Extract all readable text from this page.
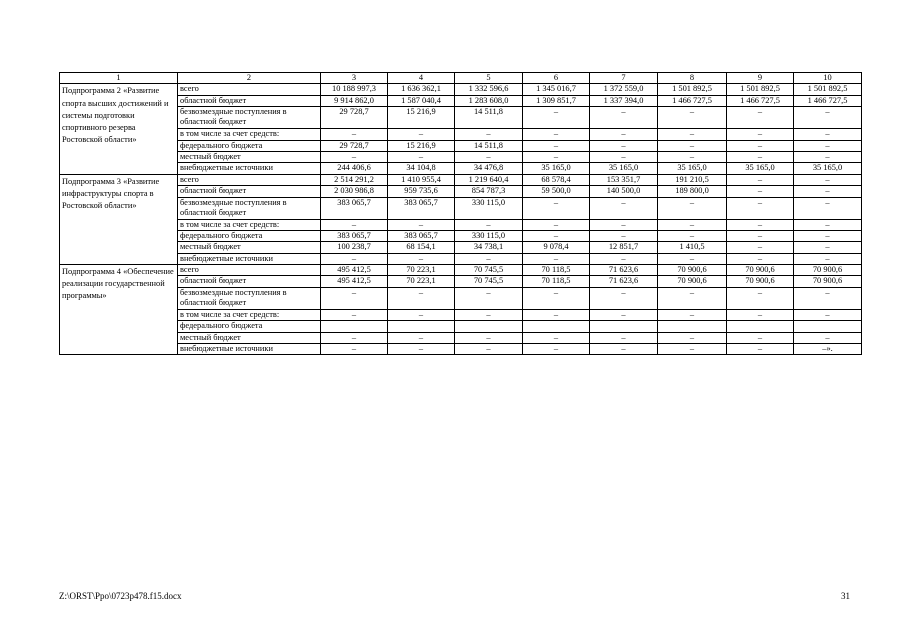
1	2	3	4	5	6	7	8	9	10
Подпрограмма 2 «Развитие спорта высших достижений и системы подготовки спортивного резерва Ростовской области»	всего	10 188 997,3	1 636 362,1	1 332 596,6	1 345 016,7	1 372 559,0	1 501 892,5	1 501 892,5	1 501 892,5
	областной бюджет	9 914 862,0	1 587 040,4	1 283 608,0	1 309 851,7	1 337 394,0	1 466 727,5	1 466 727,5	1 466 727,5
	безвозмездные поступления в областной бюджет	29 728,7	15 216,9	14 511,8	–	–	–	–	–
	в том числе за счет средств:	–	–	–	–	–	–	–	–
	федерального бюджета	29 728,7	15 216,9	14 511,8	–	–	–	–	–
	местный бюджет	–	–	–	–	–	–	–	–
	внебюджетные источники	244 406,6	34 104,8	34 476,8	35 165,0	35 165,0	35 165,0	35 165,0	35 165,0
Подпрограмма 3 «Развитие инфраструктуры спорта в Ростовской области»	всего	2 514 291,2	1 410 955,4	1 219 640,4	68 578,4	153 351,7	191 210,5	–	–
	областной бюджет	2 030 986,8	959 735,6	854 787,3	59 500,0	140 500,0	189 800,0	–	–
	безвозмездные поступления в областной бюджет	383 065,7	383 065,7	330 115,0	–	–	–	–	–
	в том числе за счет средств:	–	–	–	–	–	–	–	–
	федерального бюджета	383 065,7	383 065,7	330 115,0	–	–	–	–	–
	местный бюджет	100 238,7	68 154,1	34 738,1	9 078,4	12 851,7	1 410,5	–	–
	внебюджетные источники	–	–	–	–	–	–	–	–
Подпрограмма 4 «Обеспечение реализации государственной программы»	всего	495 412,5	70 223,1	70 745,5	70 118,5	71 623,6	70 900,6	70 900,6	70 900,6
	областной бюджет	495 412,5	70 223,1	70 745,5	70 118,5	71 623,6	70 900,6	70 900,6	70 900,6
	безвозмездные поступления в областной бюджет	–	–	–	–	–	–	–	–
	в том числе за счет средств:	–	–	–	–	–	–	–	–
	федерального бюджета								
	местный бюджет	–	–	–	–	–	–	–	–
	внебюджетные источники	–	–	–	–	–	–	–	–».
Z:\ORST\Ppo\0723p478.f15.docx	31
